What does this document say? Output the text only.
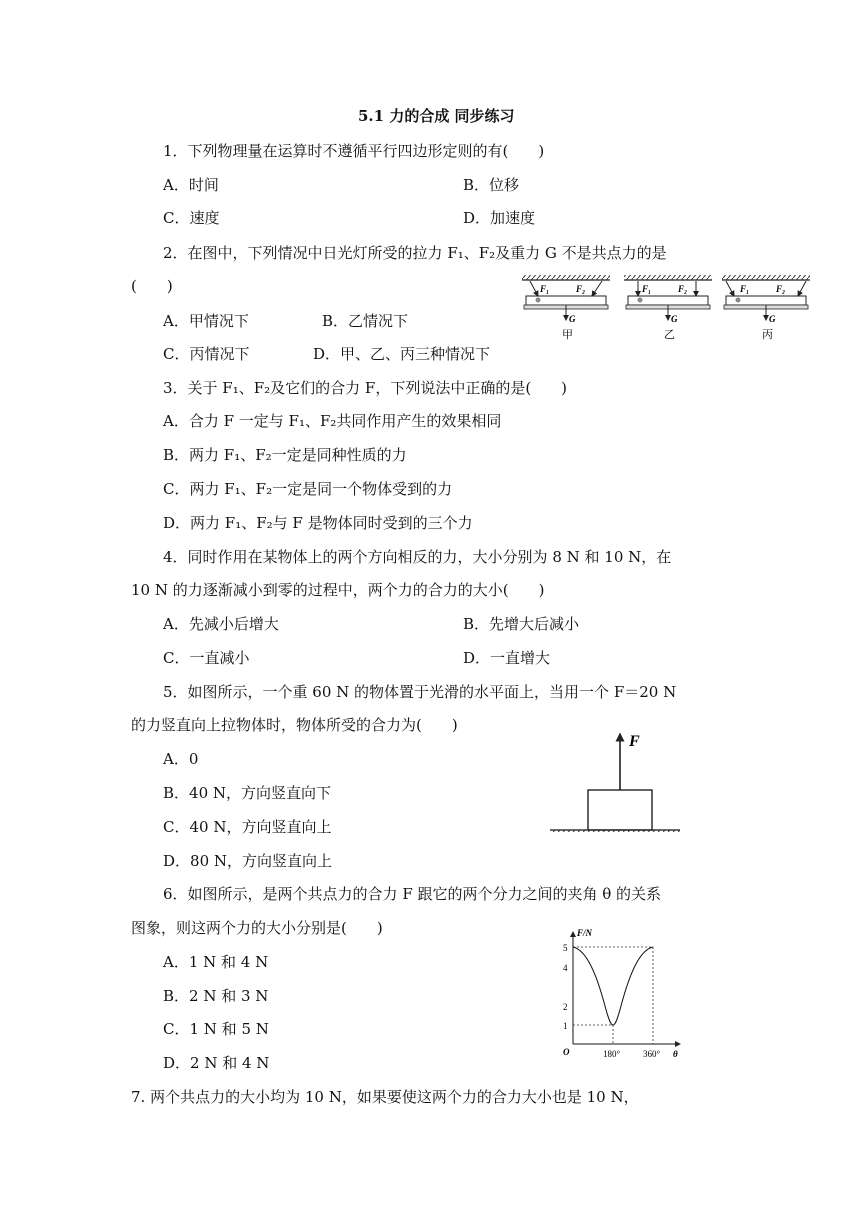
5.1 力的合成 同步练习
1．下列物理量在运算时不遵循平行四边形定则的有(　　)
A．时间	B．位移
C．速度	D．加速度
2．在图中，下列情况中日光灯所受的拉力 F₁、F₂及重力 G 不是共点力的是
(　　)
A．甲情况下	B．乙情况下
C．丙情况下	D．甲、乙、丙三种情况下
F₁	F₂
G
甲
F₁	F₂
G
乙
F₁	F₂
G
丙
3．关于 F₁、F₂及它们的合力 F，下列说法中正确的是(　　)
A．合力 F 一定与 F₁、F₂共同作用产生的效果相同
B．两力 F₁、F₂一定是同种性质的力
C．两力 F₁、F₂一定是同一个物体受到的力
D．两力 F₁、F₂与 F 是物体同时受到的三个力
4．同时作用在某物体上的两个方向相反的力，大小分别为 8 N 和 10 N，在
10 N 的力逐渐减小到零的过程中，两个力的合力的大小(　　)
A．先减小后增大	B．先增大后减小
C．一直减小	D．一直增大
5．如图所示，一个重 60 N 的物体置于光滑的水平面上，当用一个 F＝20 N
的力竖直向上拉物体时，物体所受的合力为(　　)
A．0
B．40 N，方向竖直向下
C．40 N，方向竖直向上
D．80 N，方向竖直向上
F
6．如图所示，是两个共点力的合力 F 跟它的两个分力之间的夹角 θ 的关系
图象，则这两个力的大小分别是(　　)
A．1 N 和 4 N
B．2 N 和 3 N
C．1 N 和 5 N
D．2 N 和 4 N
F/N
θ
O
5
4
2
1
180°	360°
7. 两个共点力的大小均为 10 N，如果要使这两个力的合力大小也是 10 N，
